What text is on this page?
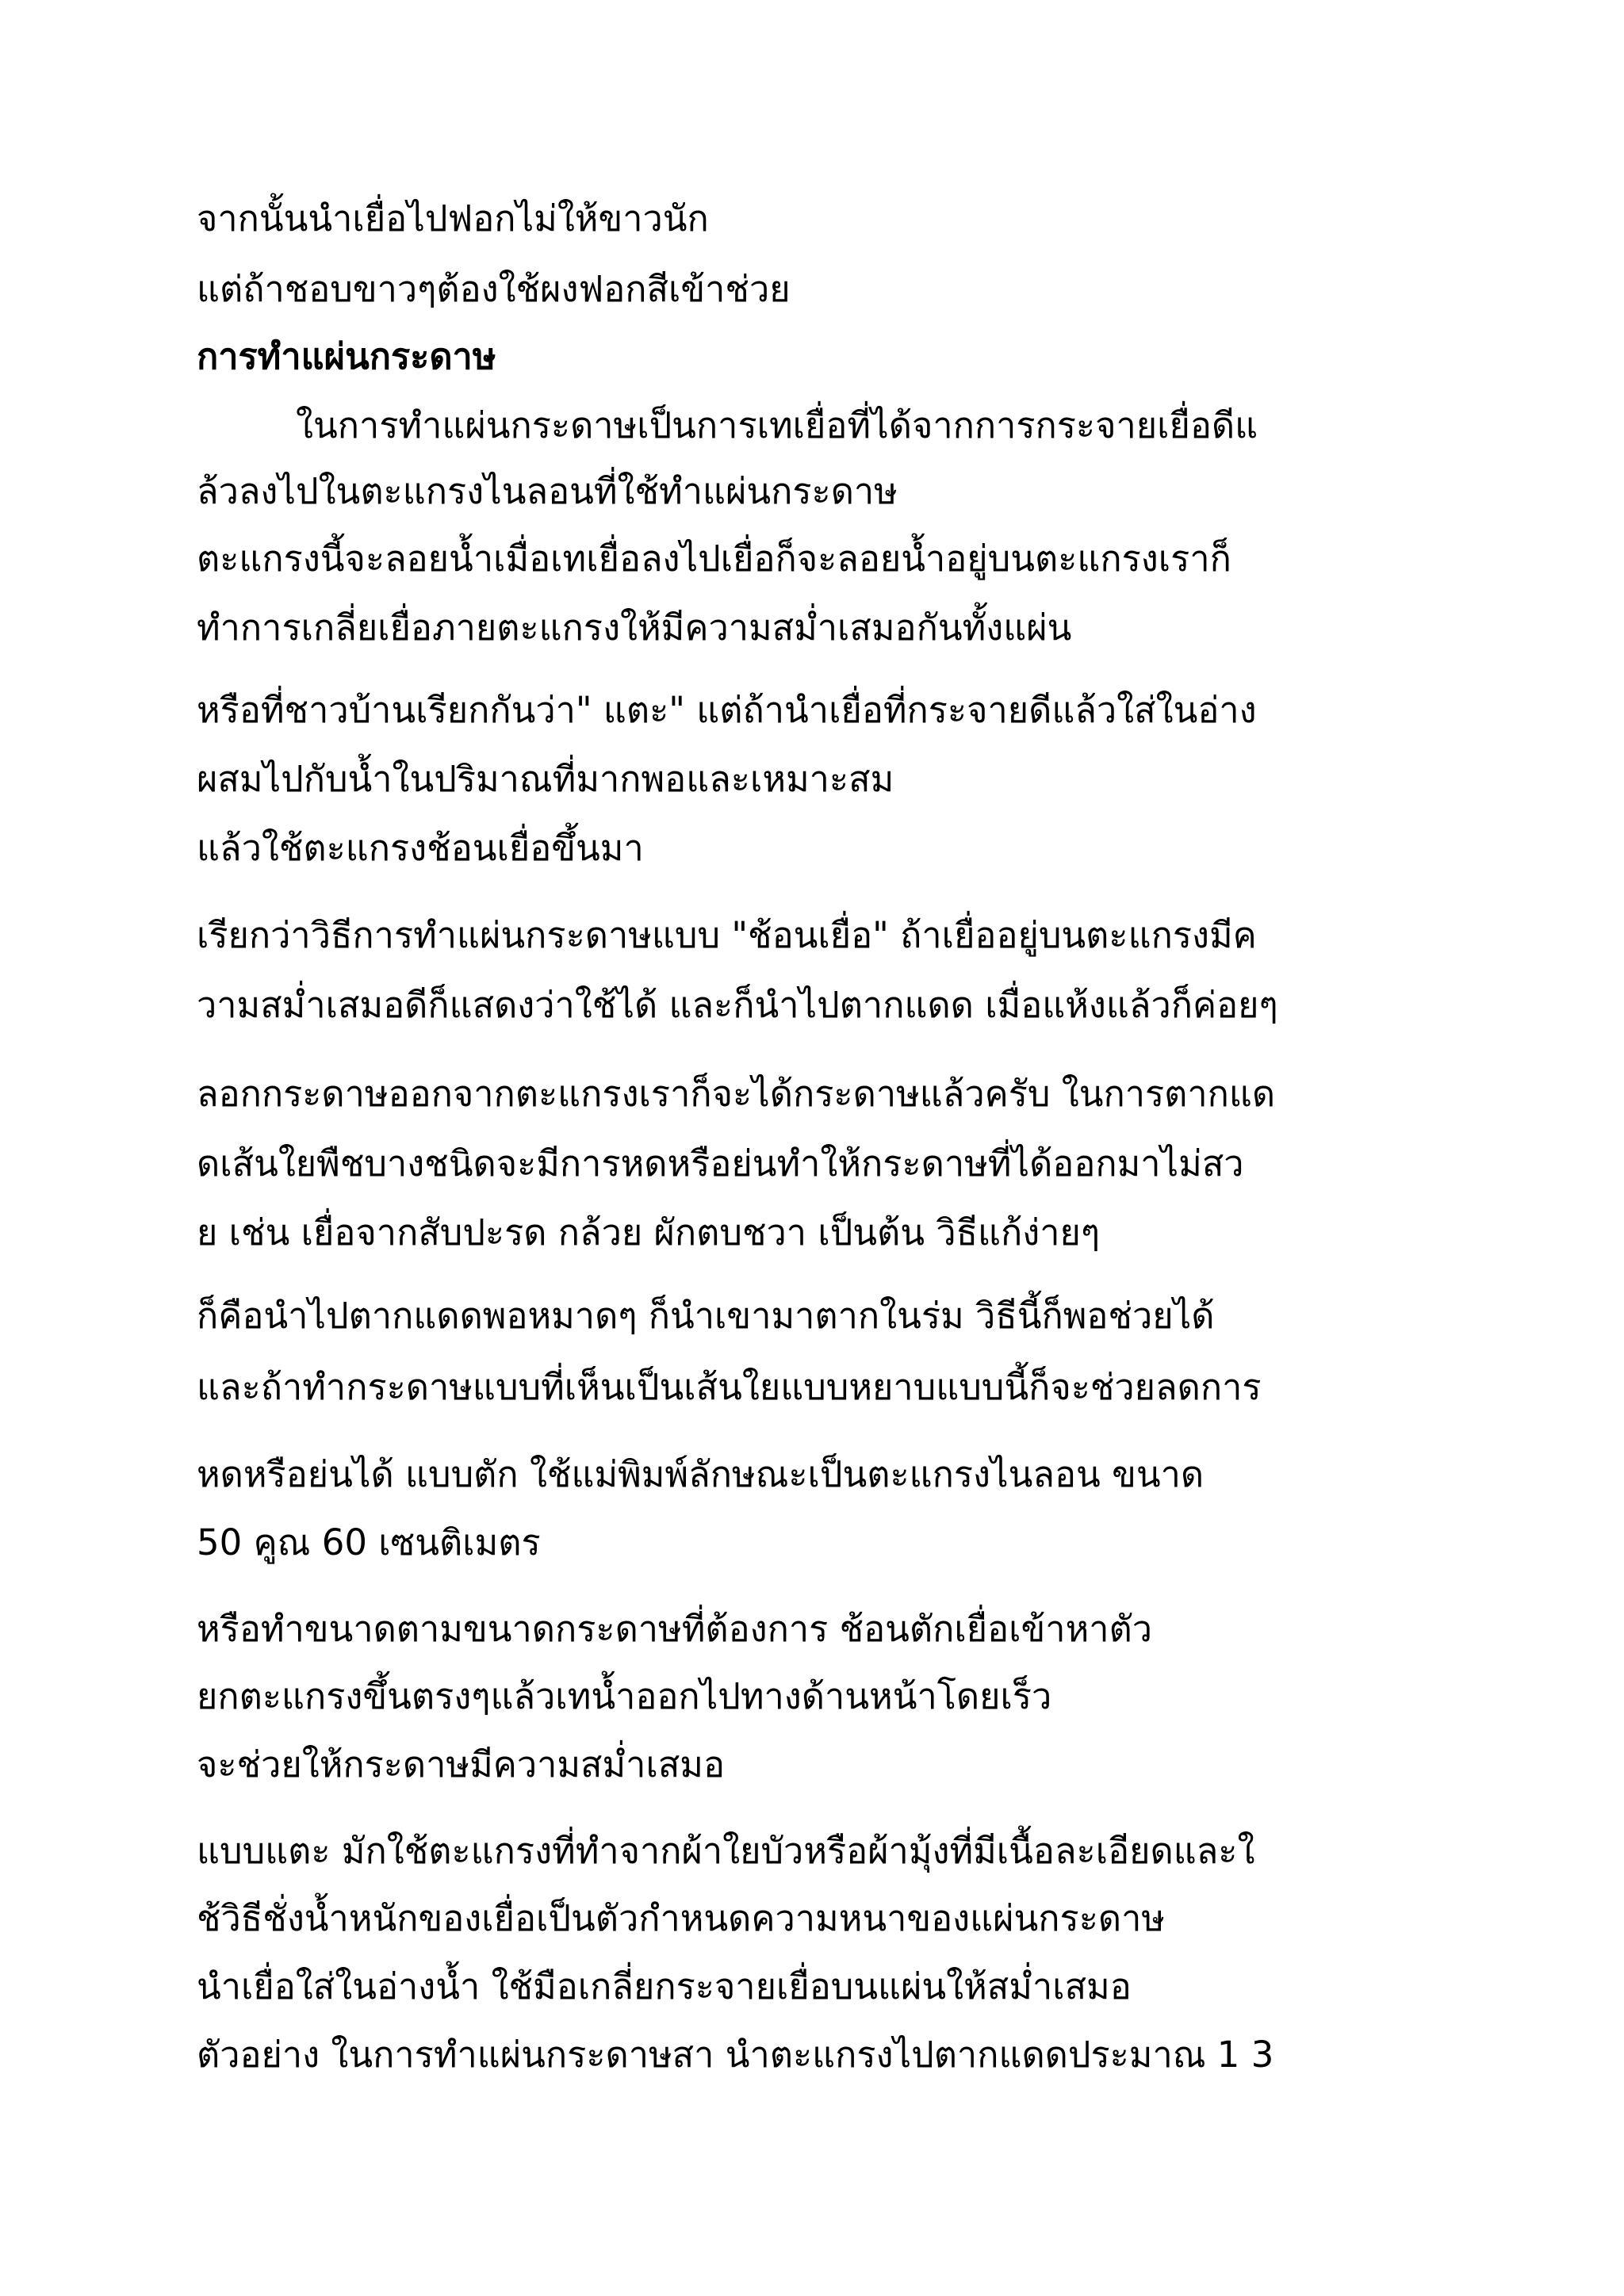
จากนั้นนำเยื่อไปฟอกไม่ให้ขาวนัก
แต่ถ้าชอบขาวๆต้องใช้ผงฟอกสีเข้าช่วย
การทำแผ่นกระดาษ
ในการทำแผ่นกระดาษเป็นการเทเยื่อที่ได้จากการกระจายเยื่อดีแ
ล้วลงไปในตะแกรงไนลอนที่ใช้ทำแผ่นกระดาษ
ตะแกรงนี้จะลอยน้ำเมื่อเทเยื่อลงไปเยื่อก็จะลอยน้ำอยู่บนตะแกรงเราก็
ทำการเกลี่ยเยื่อภายตะแกรงให้มีความสม่ำเสมอกันทั้งแผ่น
หรือที่ชาวบ้านเรียกกันว่า" แตะ" แต่ถ้านำเยื่อที่กระจายดีแล้วใส่ในอ่าง
ผสมไปกับน้ำในปริมาณที่มากพอและเหมาะสม
แล้วใช้ตะแกรงช้อนเยื่อขึ้นมา
เรียกว่าวิธีการทำแผ่นกระดาษแบบ "ช้อนเยื่อ" ถ้าเยื่ออยู่บนตะแกรงมีค
วามสม่ำเสมอดีก็แสดงว่าใช้ได้ และก็นำไปตากแดด เมื่อแห้งแล้วก็ค่อยๆ
ลอกกระดาษออกจากตะแกรงเราก็จะได้กระดาษแล้วครับ ในการตากแด
ดเส้นใยพืชบางชนิดจะมีการหดหรือย่นทำให้กระดาษที่ได้ออกมาไม่สว
ย เช่น เยื่อจากสับปะรด กล้วย ผักตบชวา เป็นต้น วิธีแก้ง่ายๆ
ก็คือนำไปตากแดดพอหมาดๆ ก็นำเขามาตากในร่ม วิธีนี้ก็พอช่วยได้
และถ้าทำกระดาษแบบที่เห็นเป็นเส้นใยแบบหยาบแบบนี้ก็จะช่วยลดการ
หดหรือย่นได้ แบบตัก ใช้แม่พิมพ์ลักษณะเป็นตะแกรงไนลอน ขนาด
50 คูณ 60 เซนติเมตร
หรือทำขนาดตามขนาดกระดาษที่ต้องการ ช้อนตักเยื่อเข้าหาตัว
ยกตะแกรงขึ้นตรงๆแล้วเทน้ำออกไปทางด้านหน้าโดยเร็ว
จะช่วยให้กระดาษมีความสม่ำเสมอ
แบบแตะ มักใช้ตะแกรงที่ทำจากผ้าใยบัวหรือผ้ามุ้งที่มีเนื้อละเอียดและใ
ช้วิธีชั่งน้ำหนักของเยื่อเป็นตัวกำหนดความหนาของแผ่นกระดาษ
นำเยื่อใส่ในอ่างน้ำ ใช้มือเกลี่ยกระจายเยื่อบนแผ่นให้สม่ำเสมอ
ตัวอย่าง ในการทำแผ่นกระดาษสา นำตะแกรงไปตากแดดประมาณ 1 3
